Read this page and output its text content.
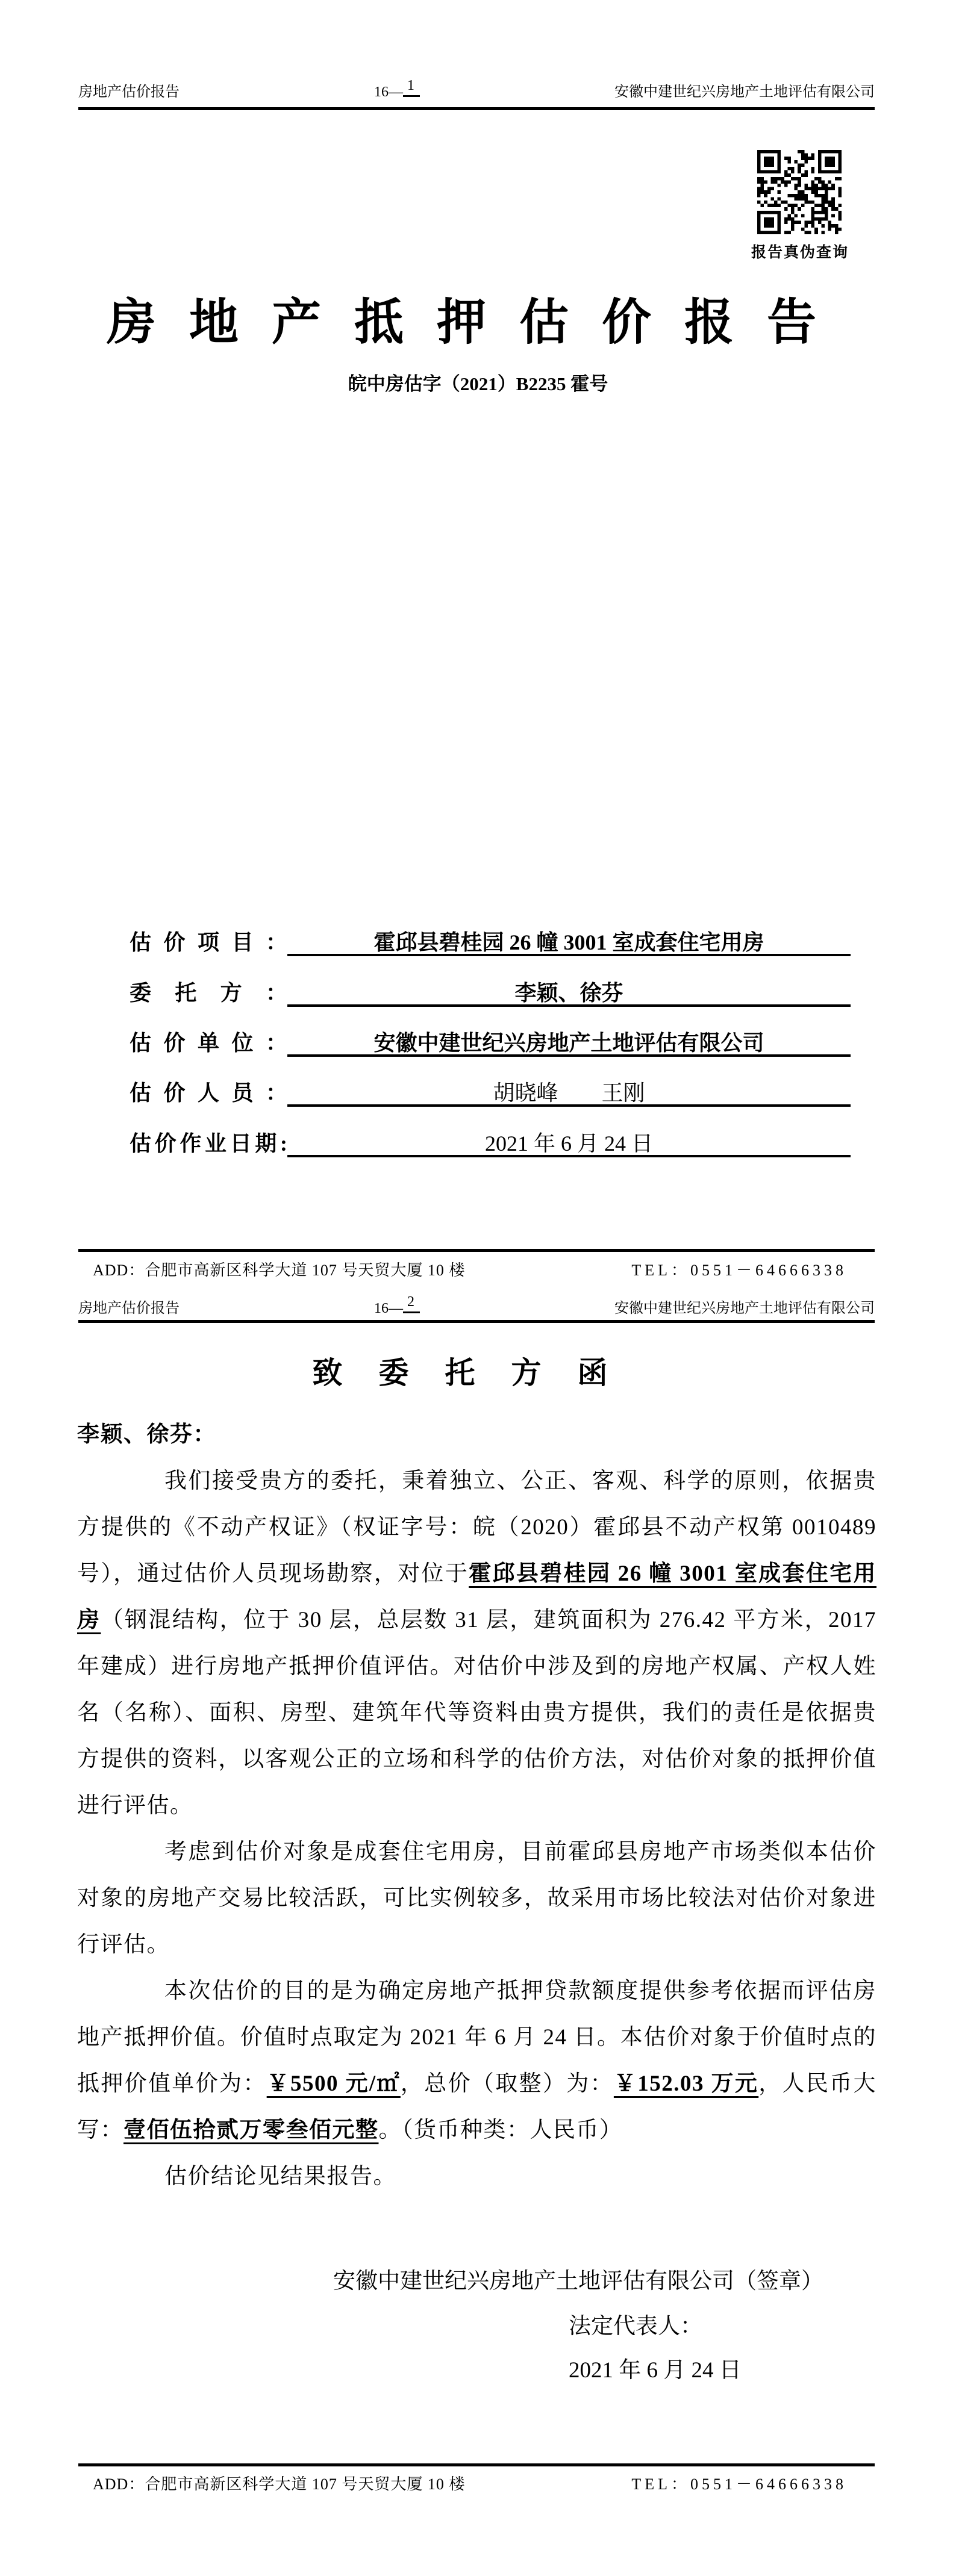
房地产估价报告	16— 1	安徽中建世纪兴房地产土地评估有限公司
报告真伪查询
房地产抵押估价报告
皖中房估字（2021）B2235 霍号
估价项目：	霍邱县碧桂园 26 幢 3001 室成套住宅用房
委托方：	李颖、徐芬
估价单位：	安徽中建世纪兴房地产土地评估有限公司
估价人员：	胡晓峰　　王刚
估价作业日期:	2021 年 6 月 24 日
ADD：合肥市高新区科学大道 107 号天贸大厦 10 楼	TEL：0551－64666338
房地产估价报告	16— 2	安徽中建世纪兴房地产土地评估有限公司
致委托方函
李颖、徐芬：

我们接受贵方的委托，秉着独立、公正、客观、科学的原则，依据贵方提供的《不动产权证》（权证字号：皖（2020）霍邱县不动产权第 0010489 号），通过估价人员现场勘察，对位于霍邱县碧桂园 26 幢 3001 室成套住宅用房（钢混结构，位于 30 层，总层数 31 层，建筑面积为 276.42 平方米，2017 年建成）进行房地产抵押价值评估。对估价中涉及到的房地产权属、产权人姓名（名称）、面积、房型、建筑年代等资料由贵方提供，我们的责任是依据贵方提供的资料，以客观公正的立场和科学的估价方法，对估价对象的抵押价值进行评估。

考虑到估价对象是成套住宅用房，目前霍邱县房地产市场类似本估价对象的房地产交易比较活跃，可比实例较多，故采用市场比较法对估价对象进行评估。

本次估价的目的是为确定房地产抵押贷款额度提供参考依据而评估房地产抵押价值。价值时点取定为 2021 年 6 月 24 日。本估价对象于价值时点的抵押价值单价为：￥5500 元/㎡，总价（取整）为：￥152.03 万元，人民币大写：壹佰伍拾贰万零叁佰元整。（货币种类：人民币）

估价结论见结果报告。

安徽中建世纪兴房地产土地评估有限公司（签章）
法定代表人：
2021 年 6 月 24 日
ADD：合肥市高新区科学大道 107 号天贸大厦 10 楼	TEL：0551－64666338
